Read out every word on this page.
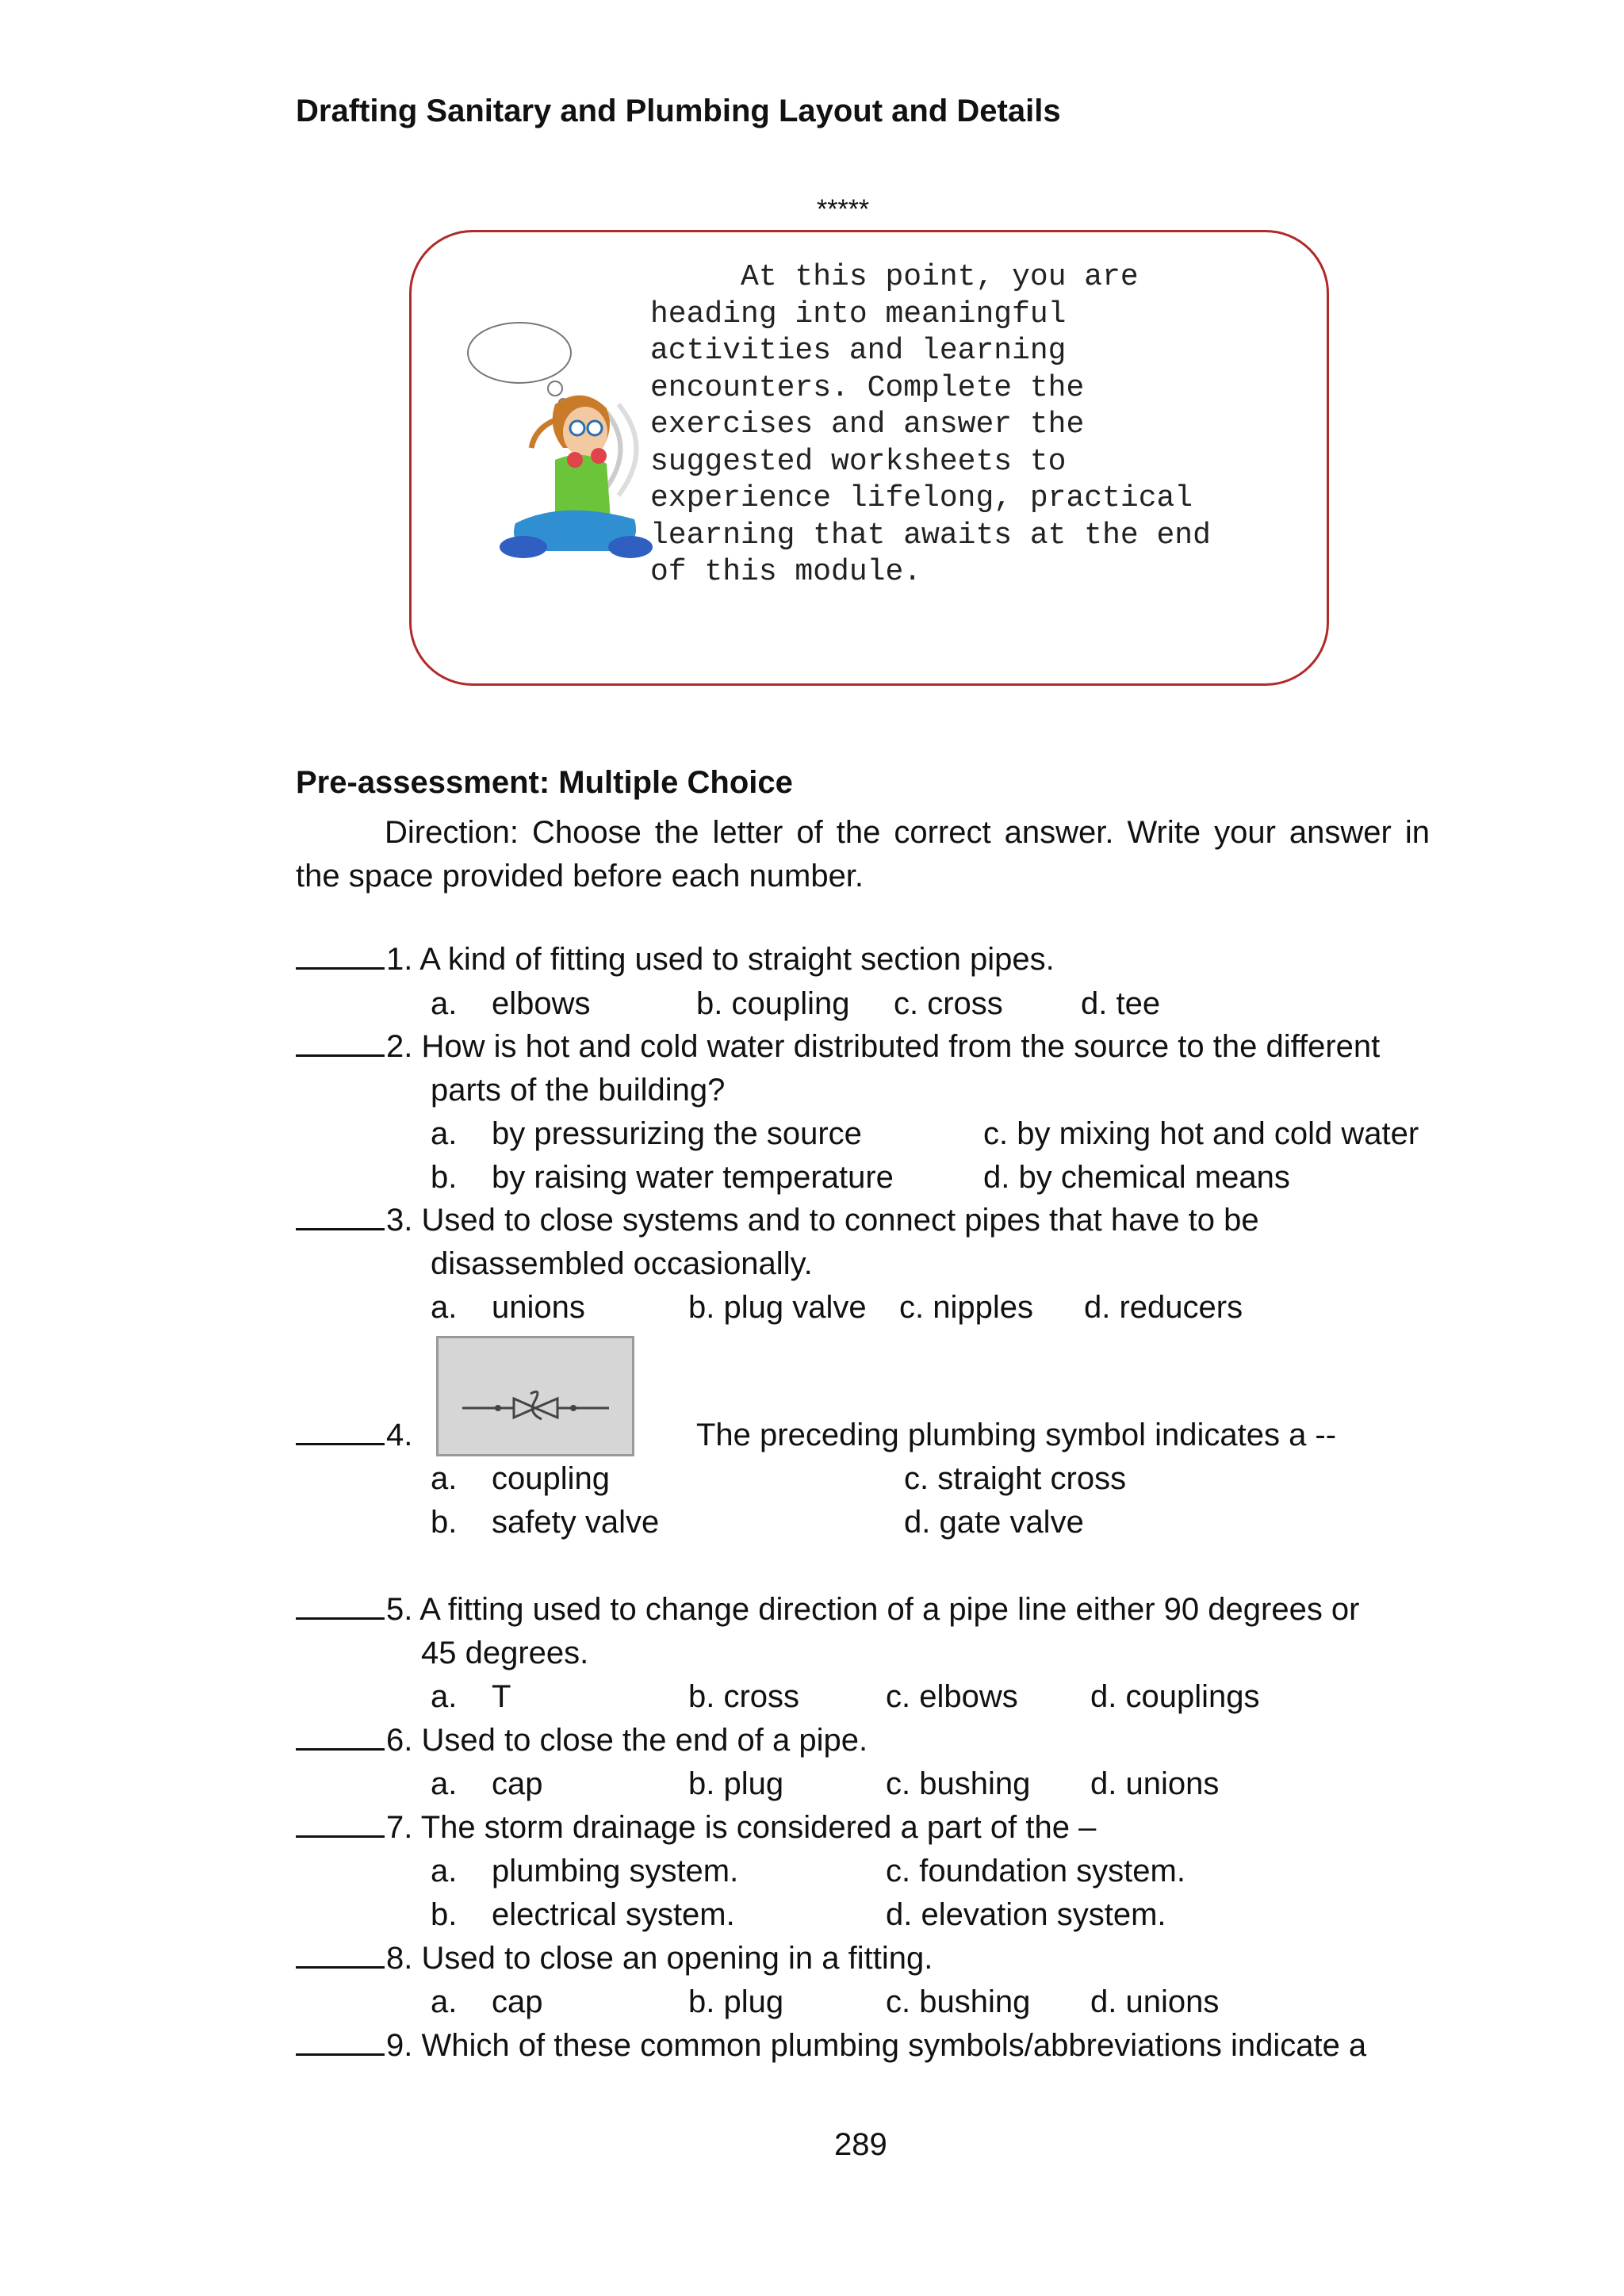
Drafting Sanitary and Plumbing Layout and Details
*****
At this point, you are
heading into meaningful
activities and learning
encounters. Complete the
exercises and answer the
suggested worksheets to
experience lifelong, practical
learning that awaits at the end
of this module.
Pre-assessment: Multiple Choice
Direction: Choose the letter of the correct answer. Write your answer in the space provided before each number.
1. A kind of fitting used to straight section pipes.
a. elbows	b. coupling c. cross d. tee
2. How is hot and cold water distributed from the source to the different
parts of the building?
a. by pressurizing the source	c. by mixing hot and cold water
b. by raising water temperature	d. by chemical means
3. Used to close systems and to connect pipes that have to be
disassembled occasionally.
a. unions	b. plug valve c. nipples d. reducers
4.	The preceding plumbing symbol indicates a --
a. coupling	c. straight cross
b. safety valve	d. gate valve
5. A fitting used to change direction of a pipe line either 90 degrees or
45 degrees.
a. T	b. cross	c. elbows d. couplings
6. Used to close the end of a pipe.
a. cap	b. plug	c. bushing d. unions
7. The storm drainage is considered a part of the –
a. plumbing system.	c. foundation system.
b. electrical system.	d. elevation system.
8. Used to close an opening in a fitting.
a. cap	b. plug	c. bushing d. unions
9. Which of these common plumbing symbols/abbreviations indicate a
289
